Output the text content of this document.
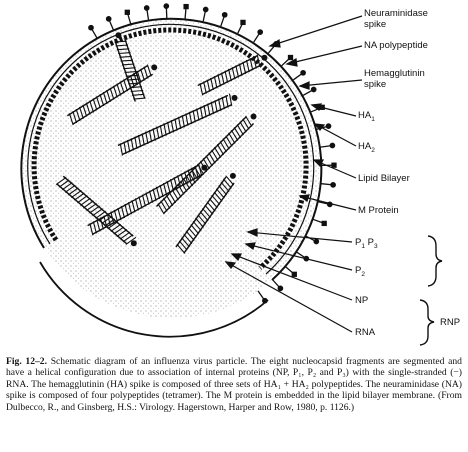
Neuraminidase
spike
NA polypeptide
Hemagglutinin
spike
$HA_1$
$HA_2$
Lipid Bilayer
M Protein
$P_1$ $P_3$
$P_2$
NP
RNA
RNP
Fig. 12–2. Schematic diagram of an influenza virus particle. The eight nucleocapsid fragments are segmented and have a helical configuration due to association of internal proteins (NP, P₁, P₂ and P₃) with the single-stranded (−) RNA. The hemagglutinin (HA) spike is composed of three sets of HA₁ + HA₂ polypeptides. The neuraminidase (NA) spike is composed of four polypeptides (tetramer). The M protein is embedded in the lipid bilayer membrane. (From Dulbecco, R., and Ginsberg, H.S.: Virology. Hagerstown, Harper and Row, 1980, p. 1126.)
